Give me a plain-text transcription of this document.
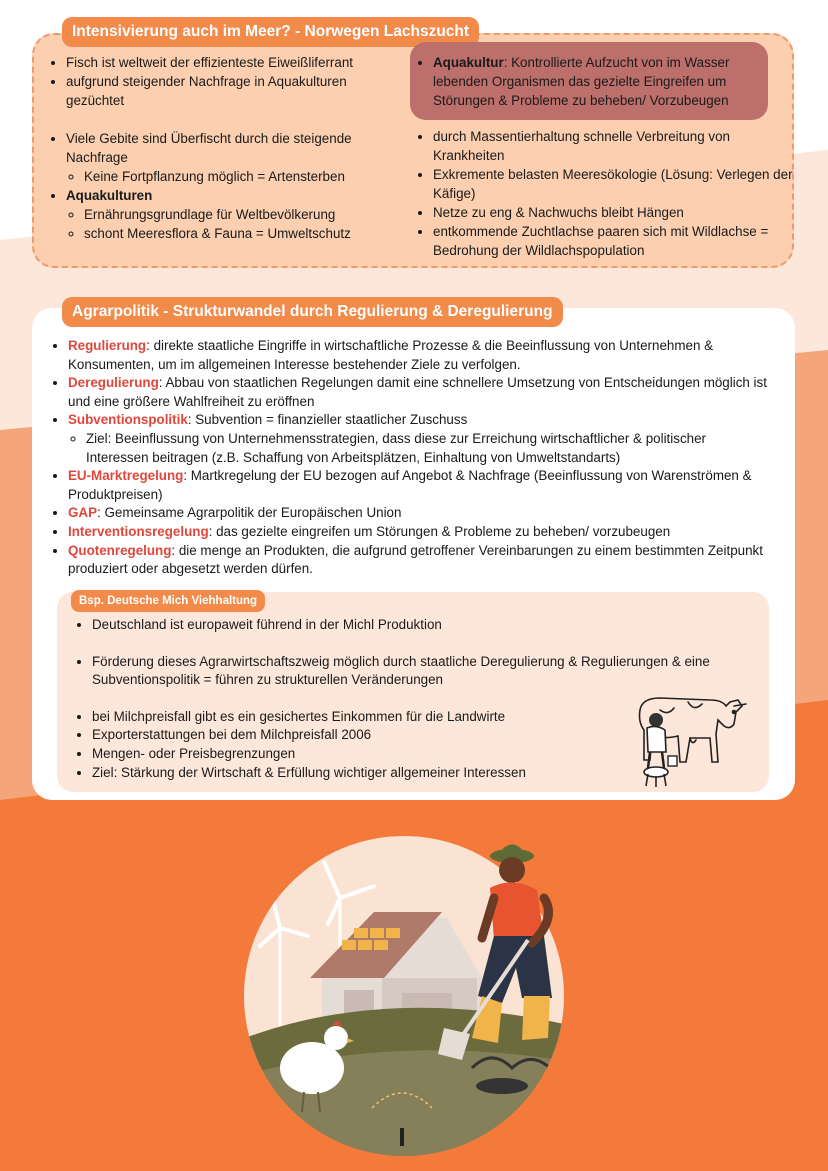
Intensivierung auch im Meer? - Norwegen Lachszucht
• Fisch ist weltweit der effizienteste Eiweißliferrant
• aufgrund steigender Nachfrage in Aquakulturen gezüchtet
• Viele Gebite sind Überfischt durch die steigende Nachfrage
◦ Keine Fortpflanzung möglich = Artensterben
• Aquakulturen
◦ Ernährungsgrundlage für Weltbevölkerung
◦ schont Meeresflora & Fauna = Umweltschutz
• Aquakultur: Kontrollierte Aufzucht von im Wasser lebenden Organismen das gezielte Eingreifen um Störungen & Probleme zu beheben/ Vorzubeugen
• durch Massentierhaltung schnelle Verbreitung von Krankheiten
• Exkremente belasten Meeresökologie (Lösung: Verlegen der Käfige)
• Netze zu eng & Nachwuchs bleibt Hängen
• entkommende Zuchtlachse paaren sich mit Wildlachse = Bedrohung der Wildlachspopulation
Agrarpolitik - Strukturwandel durch Regulierung & Deregulierung
• Regulierung: direkte staatliche Eingriffe in wirtschaftliche Prozesse & die Beeinflussung von Unternehmen & Konsumenten, um im allgemeinen Interesse bestehender Ziele zu verfolgen.
• Deregulierung: Abbau von staatlichen Regelungen damit eine schnellere Umsetzung von Entscheidungen möglich ist und eine größere Wahlfreiheit zu eröffnen
• Subventionspolitik: Subvention = finanzieller staatlicher Zuschuss
◦ Ziel: Beeinflussung von Unternehmensstrategien, dass diese zur Erreichung wirtschaftlicher & politischer Interessen beitragen (z.B. Schaffung von Arbeitsplätzen, Einhaltung von Umweltstandarts)
• EU-Marktregelung: Martkregelung der EU bezogen auf Angebot & Nachfrage (Beeinflussung von Warenströmen & Produktpreisen)
• GAP: Gemeinsame Agrarpolitik der Europäischen Union
• Interventionsregelung: das gezielte eingreifen um Störungen & Probleme zu beheben/ vorzubeugen
• Quotenregelung: die menge an Produkten, die aufgrund getroffener Vereinbarungen zu einem bestimmten Zeitpunkt produziert oder abgesetzt werden dürfen.
Bsp. Deutsche Mich Viehhaltung
• Deutschland ist europaweit führend in der Michl Produktion
• Förderung dieses Agrarwirtschaftszweig möglich durch staatliche Deregulierung & Regulierungen & eine Subventionspolitik = führen zu strukturellen Veränderungen
• bei Milchpreisfall gibt es ein gesichertes Einkommen für die Landwirte
• Exporterstattungen bei dem Milchpreisfall 2006
• Mengen- oder Preisbegrenzungen
• Ziel: Stärkung der Wirtschaft & Erfüllung wichtiger allgemeiner Interessen
